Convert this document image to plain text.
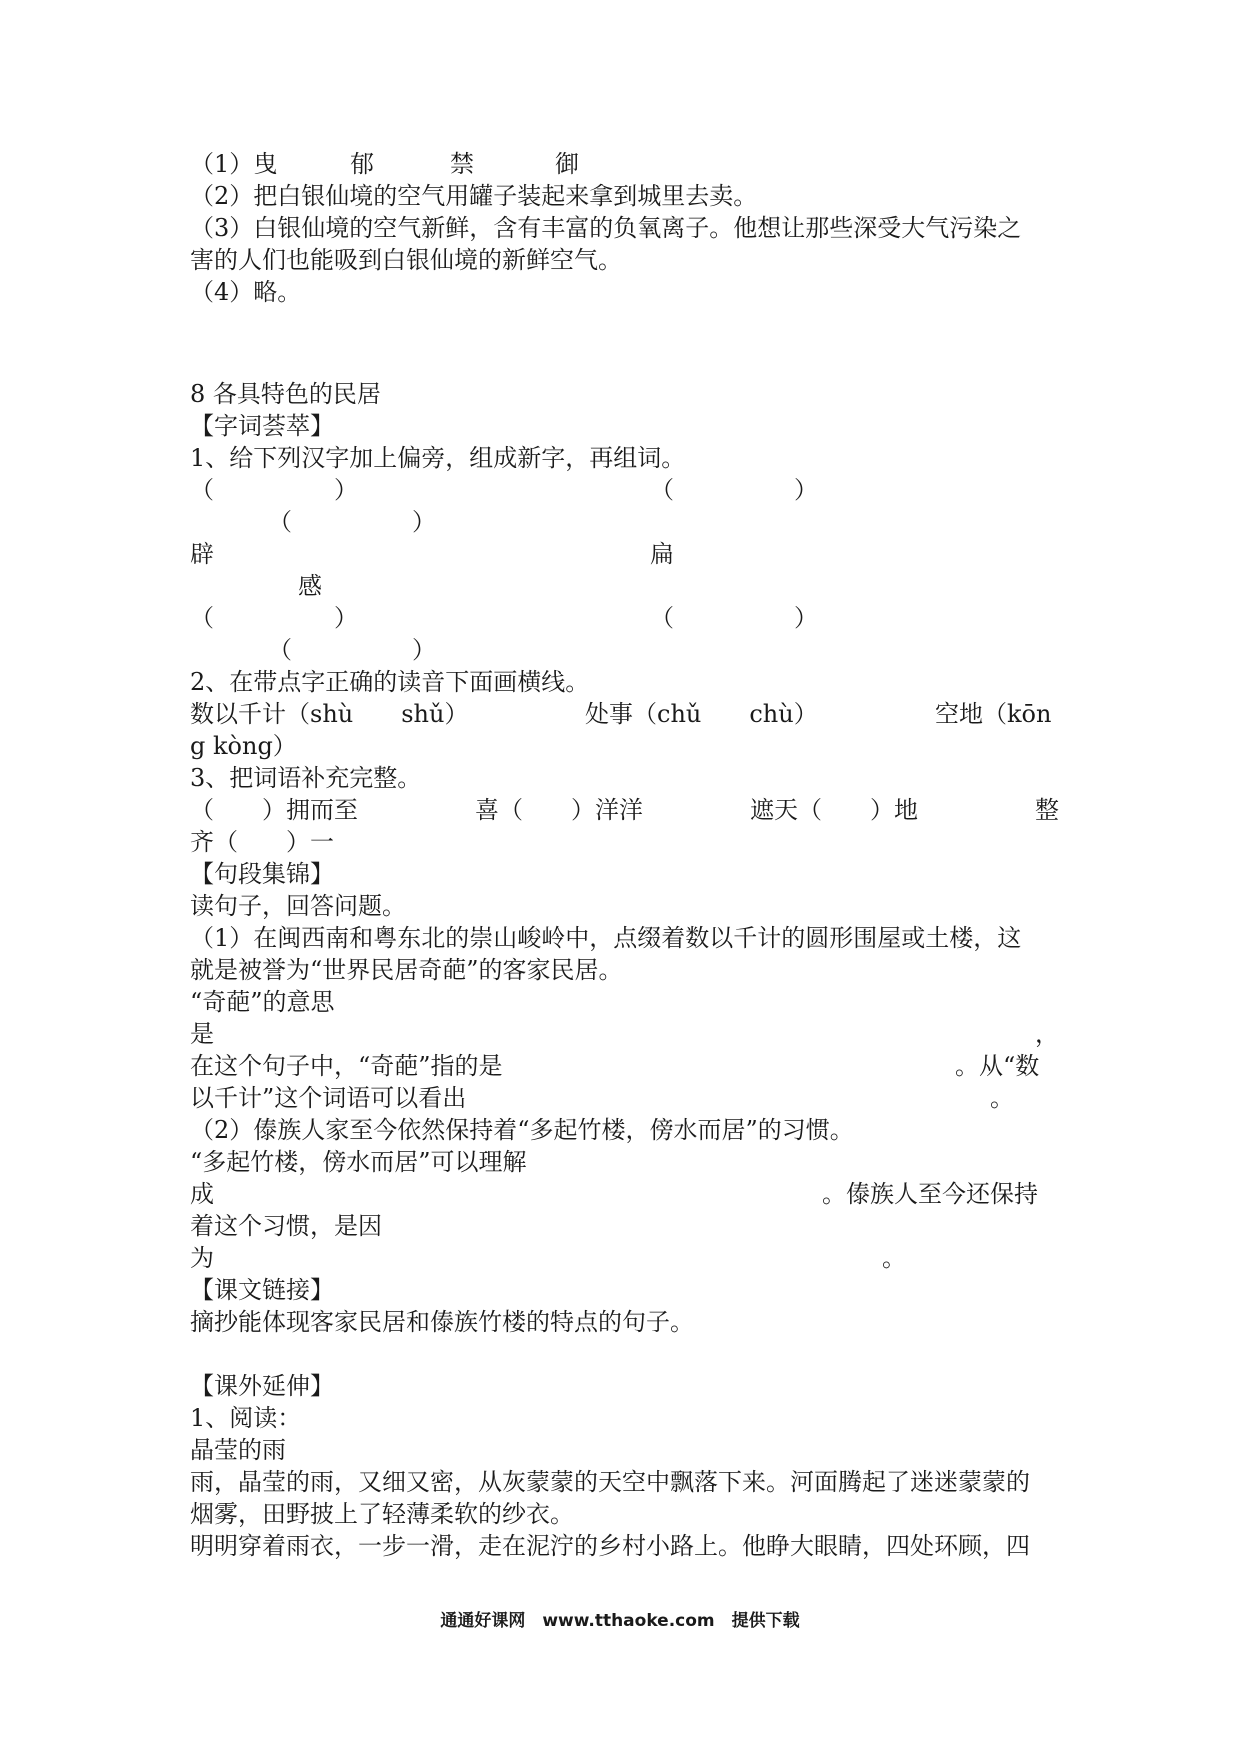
（1）曳	郁	禁	御
（2）把白银仙境的空气用罐子装起来拿到城里去卖。
（3）白银仙境的空气新鲜，含有丰富的负氧离子。他想让那些深受大气污染之
害的人们也能吸到白银仙境的新鲜空气。
（4）略。
8 各具特色的民居
【字词荟萃】
1、给下列汉字加上偏旁，组成新字，再组词。
（　　　　　）	（　　　　　）
（　　　　　）
辟	扁
感
（　　　　　）	（　　　　　）
（　　　　　）
2、在带点字正确的读音下面画横线。
数以千计（shù　　shǔ）	处事（chǔ　　chù）	空地（kōn
g kòng）
3、把词语补充完整。
（　　）拥而至	喜（　　）洋洋	遮天（　　）地	整
齐（　　）一
【句段集锦】
读句子，回答问题。
（1）在闽西南和粤东北的崇山峻岭中，点缀着数以千计的圆形围屋或土楼，这
就是被誉为“世界民居奇葩”的客家民居。
“奇葩”的意思
是	，
在这个句子中，“奇葩”指的是	。从“数
以千计”这个词语可以看出	。
（2）傣族人家至今依然保持着“多起竹楼，傍水而居”的习惯。
“多起竹楼，傍水而居”可以理解
成	。傣族人至今还保持
着这个习惯，是因
为	。
【课文链接】
摘抄能体现客家民居和傣族竹楼的特点的句子。
【课外延伸】
1、阅读：
晶莹的雨
雨，晶莹的雨，又细又密，从灰蒙蒙的天空中飘落下来。河面腾起了迷迷蒙蒙的
烟雾，田野披上了轻薄柔软的纱衣。
明明穿着雨衣，一步一滑，走在泥泞的乡村小路上。他睁大眼睛，四处环顾，四
通通好课网　www.tthaoke.com　提供下载
